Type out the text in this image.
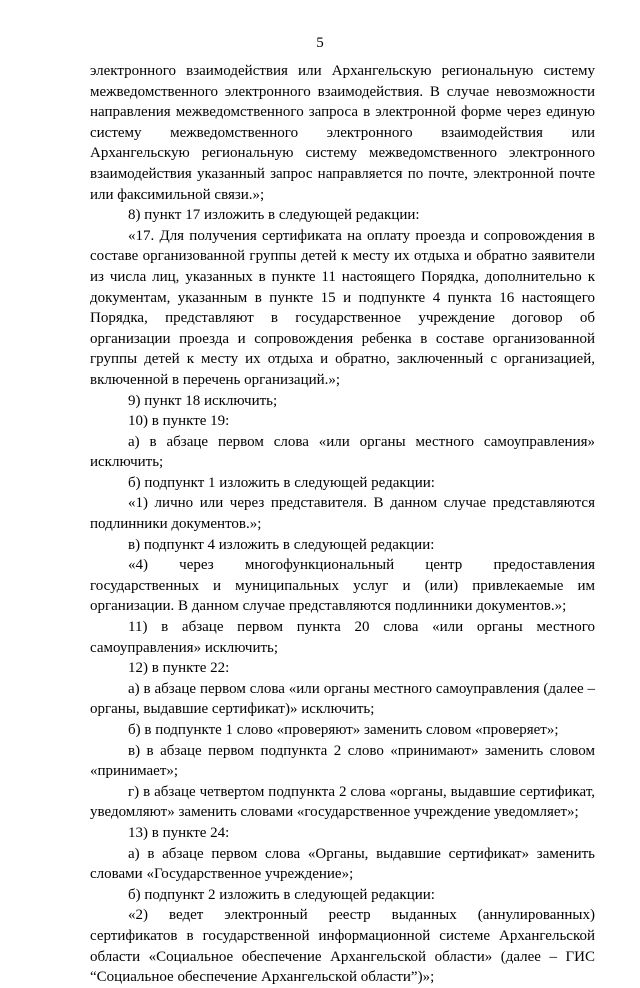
5

электронного взаимодействия или Архангельскую региональную систему межведомственного электронного взаимодействия. В случае невозможности направления межведомственного запроса в электронной форме через единую систему межведомственного электронного взаимодействия или Архангельскую региональную систему межведомственного электронного взаимодействия указанный запрос направляется по почте, электронной почте или факсимильной связи.»;

8) пункт 17 изложить в следующей редакции:

«17. Для получения сертификата на оплату проезда и сопровождения в составе организованной группы детей к месту их отдыха и обратно заявители из числа лиц, указанных в пункте 11 настоящего Порядка, дополнительно к документам, указанным в пункте 15 и подпункте 4 пункта 16 настоящего Порядка, представляют в государственное учреждение договор об организации проезда и сопровождения ребенка в составе организованной группы детей к месту их отдыха и обратно, заключенный с организацией, включенной в перечень организаций.»;

9) пункт 18 исключить;

10) в пункте 19:

а) в абзаце первом слова «или органы местного самоуправления» исключить;

б) подпункт 1 изложить в следующей редакции:

«1) лично или через представителя. В данном случае представляются подлинники документов.»;

в) подпункт 4 изложить в следующей редакции:

«4) через многофункциональный центр предоставления государственных и муниципальных услуг и (или) привлекаемые им организации. В данном случае представляются подлинники документов.»;

11) в абзаце первом пункта 20 слова «или органы местного самоуправления» исключить;

12) в пункте 22:

а) в абзаце первом слова «или органы местного самоуправления (далее – органы, выдавшие сертификат)» исключить;

б) в подпункте 1 слово «проверяют» заменить словом «проверяет»;

в) в абзаце первом подпункта 2 слово «принимают» заменить словом «принимает»;

г) в абзаце четвертом подпункта 2 слова «органы, выдавшие сертификат, уведомляют» заменить словами «государственное учреждение уведомляет»;

13) в пункте 24:

а) в абзаце первом слова «Органы, выдавшие сертификат» заменить словами «Государственное учреждение»;

б) подпункт 2 изложить в следующей редакции:

«2) ведет электронный реестр выданных (аннулированных) сертификатов в государственной информационной системе Архангельской области «Социальное обеспечение Архангельской области» (далее – ГИС “Социальное обеспечение Архангельской области”)»;
